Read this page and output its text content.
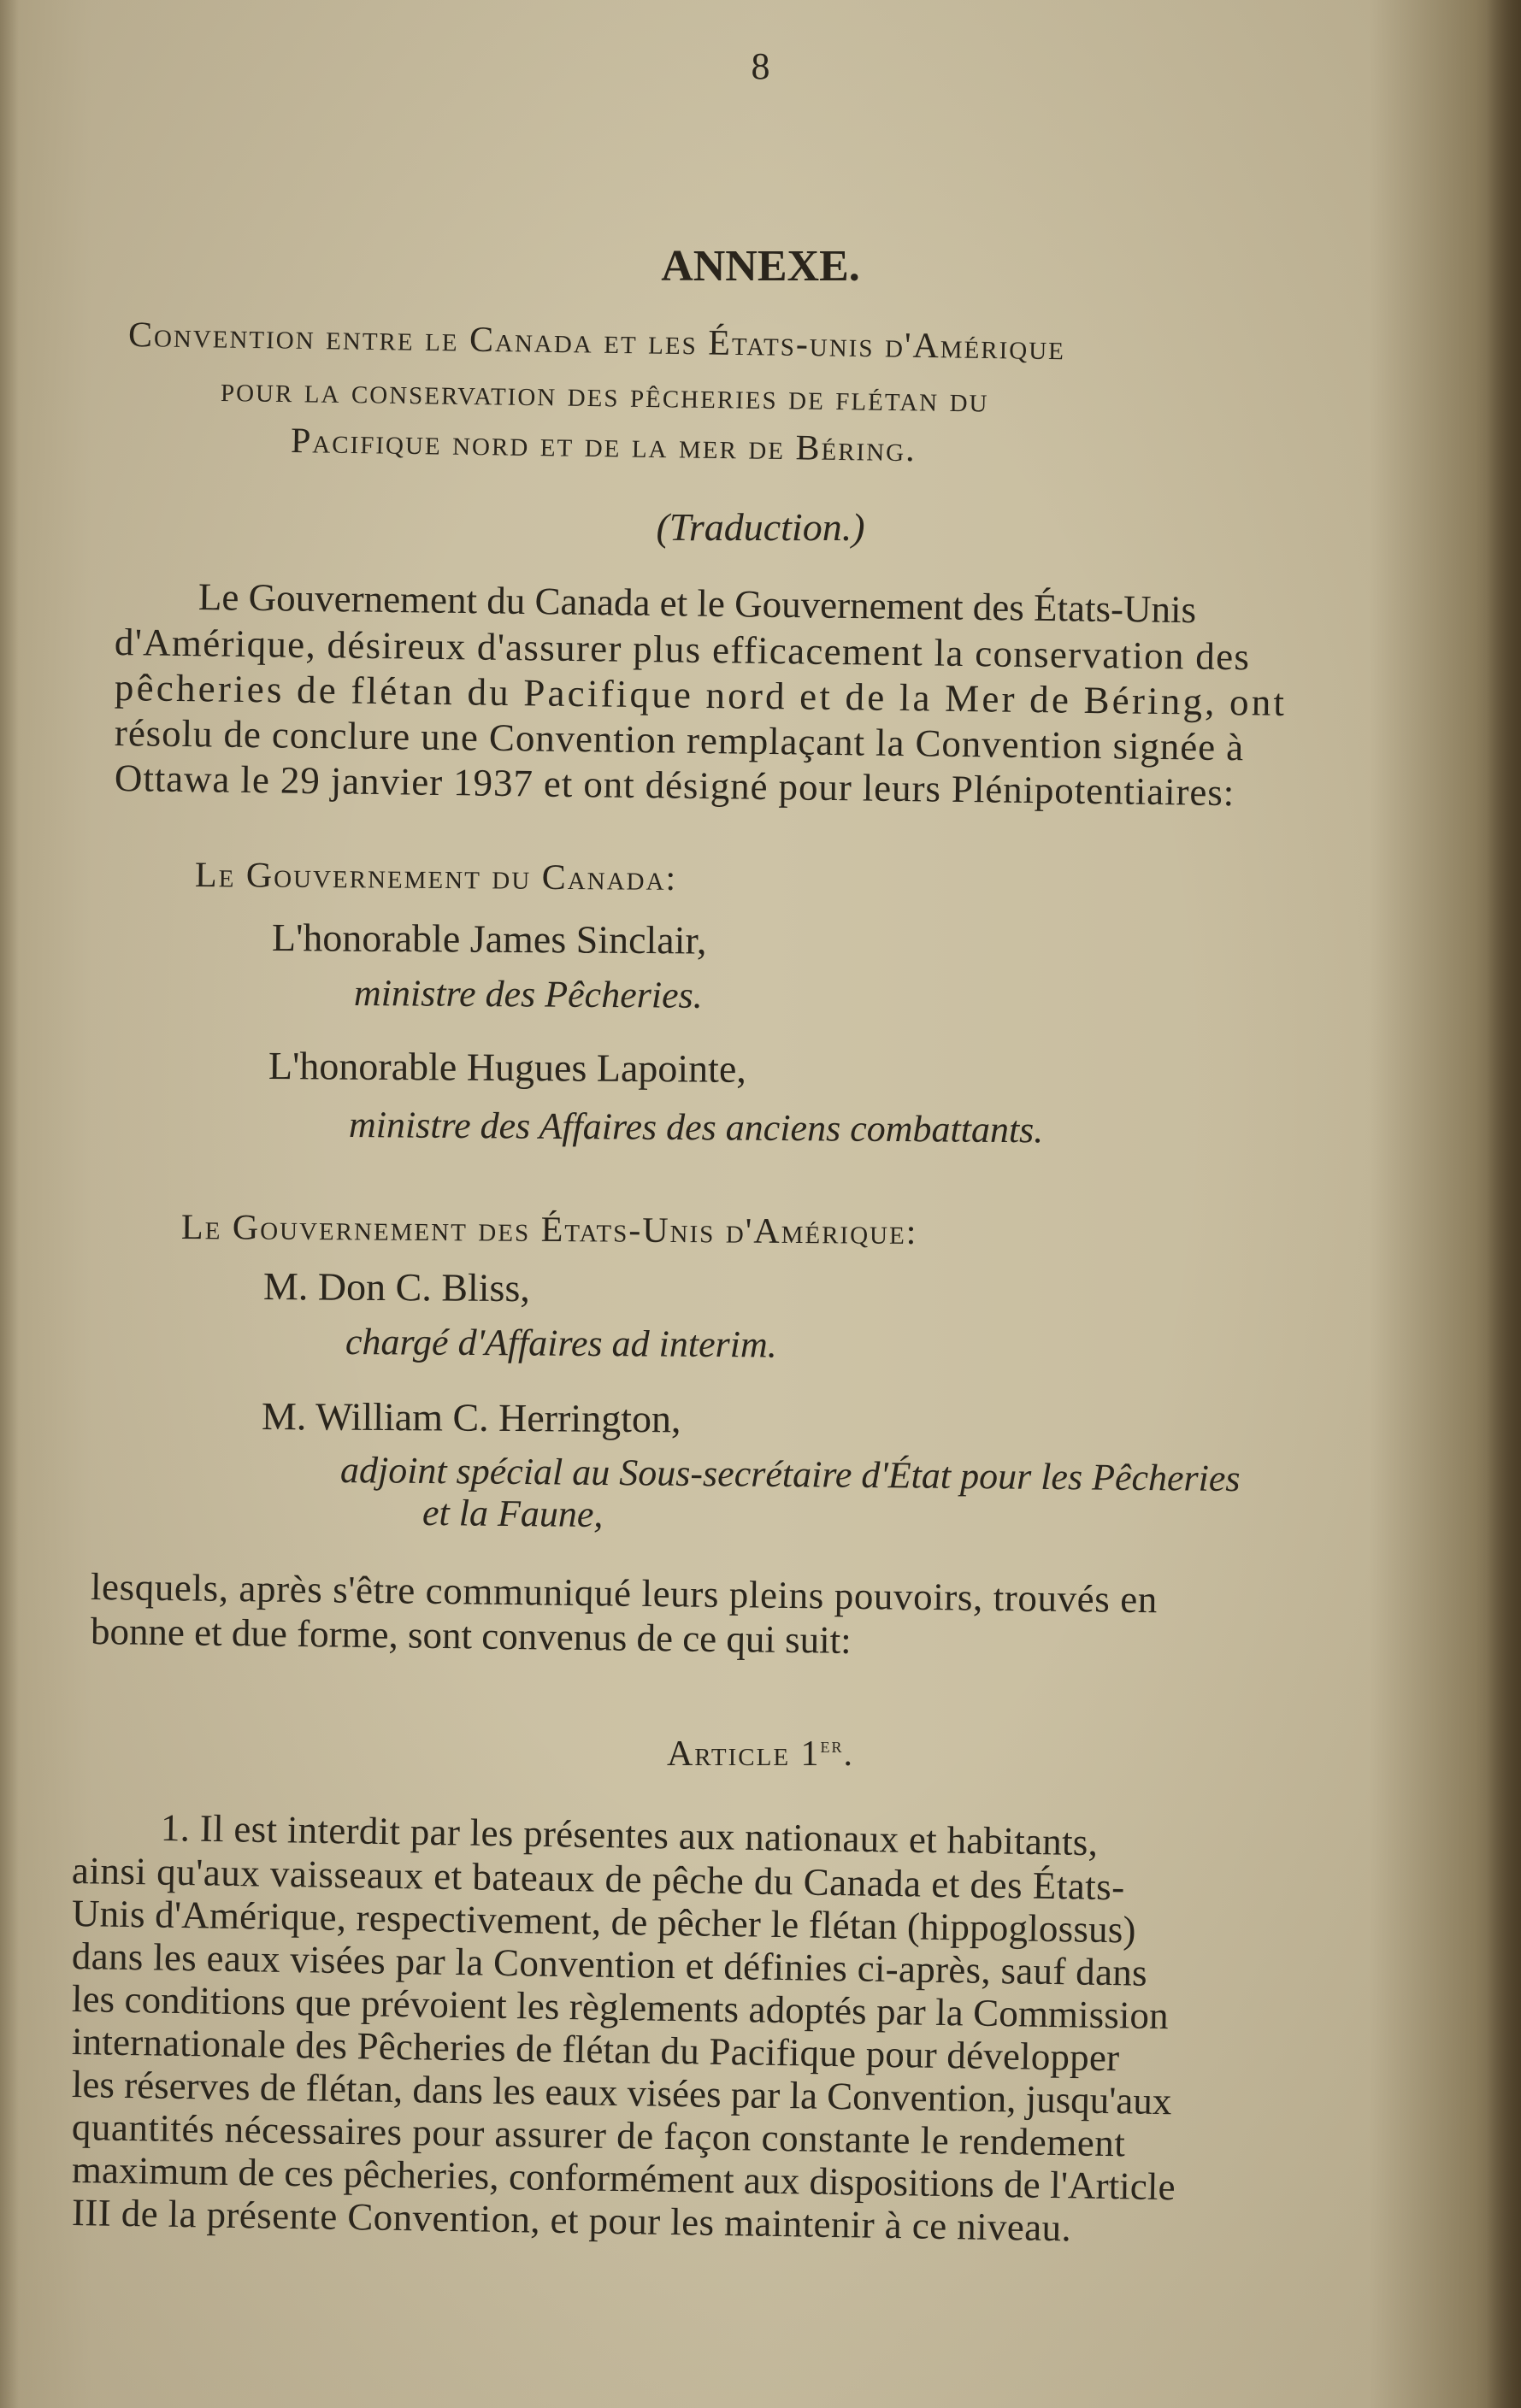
8
ANNEXE.
Convention entre le Canada et les États-unis d'Amérique
pour la conservation des pêcheries de flétan du
Pacifique nord et de la mer de Béring.
(Traduction.)
Le Gouvernement du Canada et le Gouvernement des États-Unis
d'Amérique, désireux d'assurer plus efficacement la conservation des
pêcheries de flétan du Pacifique nord et de la Mer de Béring, ont
résolu de conclure une Convention remplaçant la Convention signée à
Ottawa le 29 janvier 1937 et ont désigné pour leurs Plénipotentiaires:
Le Gouvernement du Canada:
L'honorable James Sinclair,
ministre des Pêcheries.
L'honorable Hugues Lapointe,
ministre des Affaires des anciens combattants.
Le Gouvernement des États-Unis d'Amérique:
M. Don C. Bliss,
chargé d'Affaires ad interim.
M. William C. Herrington,
adjoint spécial au Sous-secrétaire d'État pour les Pêcheries
et la Faune,
lesquels, après s'être communiqué leurs pleins pouvoirs, trouvés en
bonne et due forme, sont convenus de ce qui suit:
Article 1er.
1. Il est interdit par les présentes aux nationaux et habitants,
ainsi qu'aux vaisseaux et bateaux de pêche du Canada et des États-
Unis d'Amérique, respectivement, de pêcher le flétan (hippoglossus)
dans les eaux visées par la Convention et définies ci-après, sauf dans
les conditions que prévoient les règlements adoptés par la Commission
internationale des Pêcheries de flétan du Pacifique pour développer
les réserves de flétan, dans les eaux visées par la Convention, jusqu'aux
quantités nécessaires pour assurer de façon constante le rendement
maximum de ces pêcheries, conformément aux dispositions de l'Article
III de la présente Convention, et pour les maintenir à ce niveau.
